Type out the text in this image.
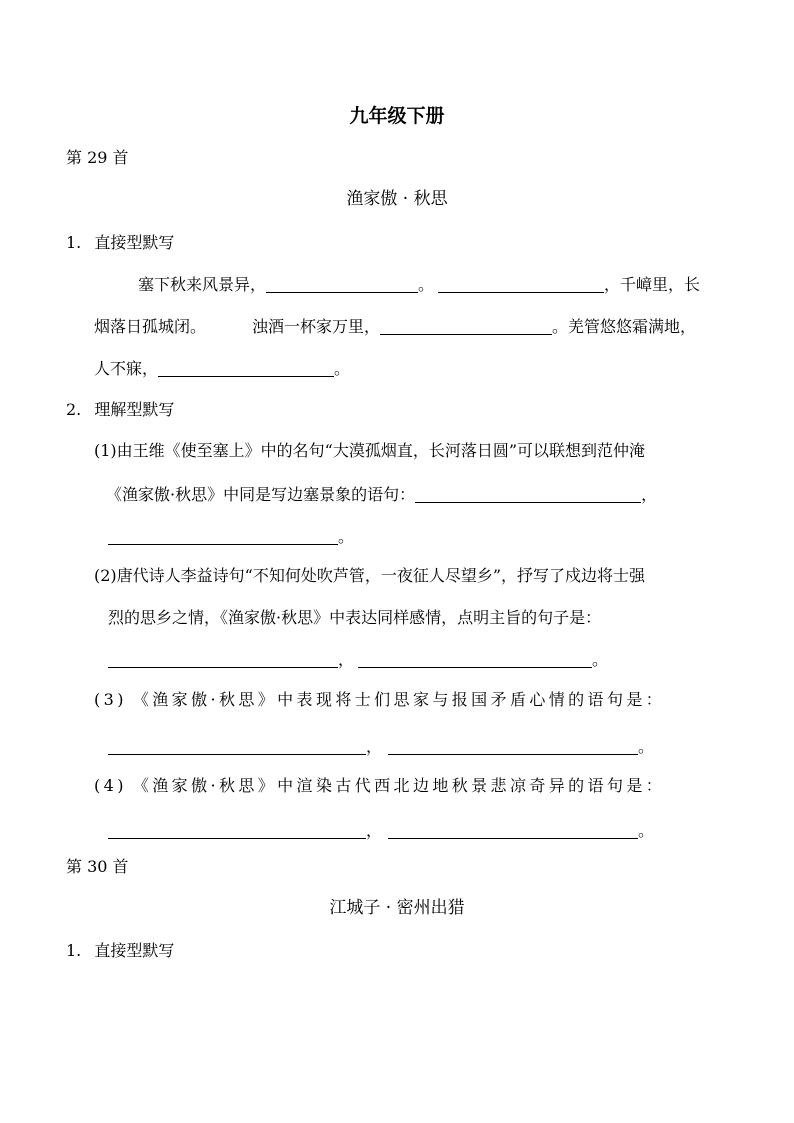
九年级下册
第 29 首
渔家傲 · 秋思
1. 直接型默写
塞下秋来风景异，	。	，千嶂里，长
烟落日孤城闭。	浊酒一杯家万里，	。羌管悠悠霜满地，
人不寐，	。
2. 理解型默写
(1)由王维《使至塞上》中的名句“大漠孤烟直，长河落日圆”可以联想到范仲淹
《渔家傲·秋思》中同是写边塞景象的语句：	，
。
(2)唐代诗人李益诗句“不知何处吹芦管，一夜征人尽望乡”，抒写了戍边将士强
烈的思乡之情，《渔家傲·秋思》中表达同样感情，点明主旨的句子是：
，	。
(3) 《渔家傲·秋思》中表现将士们思家与报国矛盾心情的语句是：
，	。
(4) 《渔家傲·秋思》中渲染古代西北边地秋景悲凉奇异的语句是：
，	。
第 30 首
江城子 · 密州出猎
1. 直接型默写
